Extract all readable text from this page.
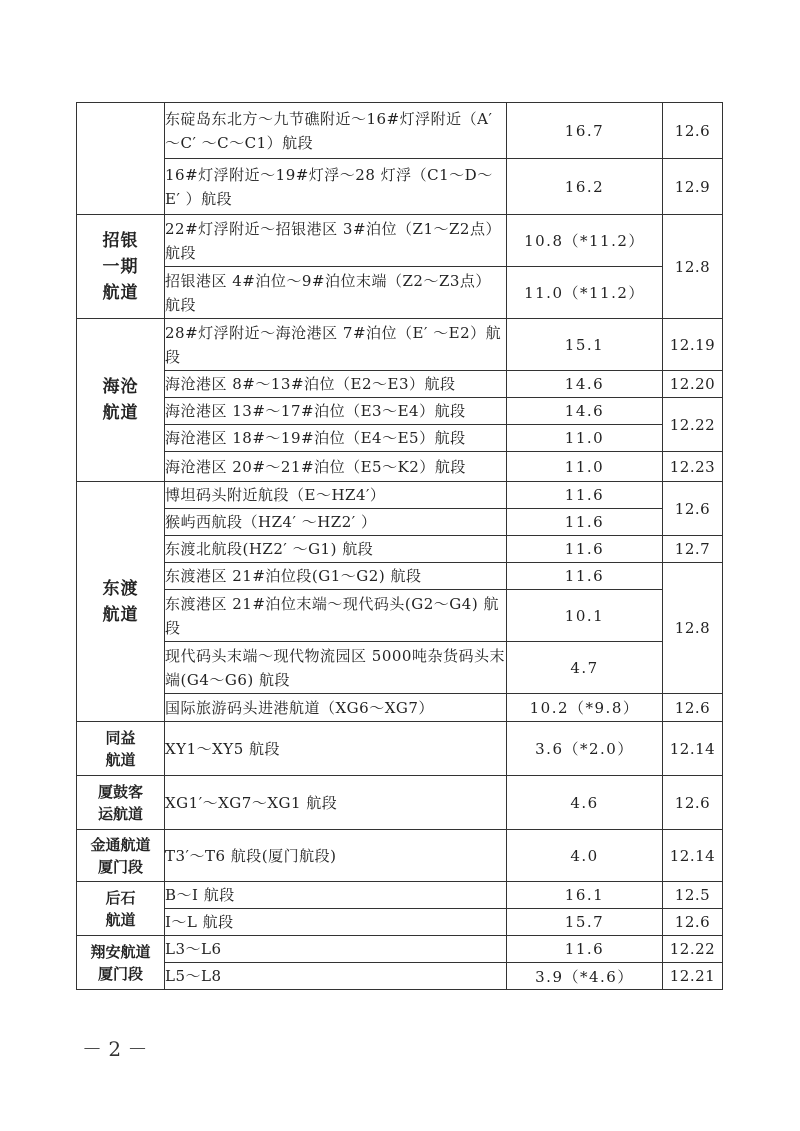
	东碇岛东北方～九节礁附近～16#灯浮附近（A′ ～C′ ～C～C1）航段	16.7	12.6
	16#灯浮附近～19#灯浮～28 灯浮（C1～D～E′ ）航段	16.2	12.9

招银一期航道	22#灯浮附近～招银港区 3#泊位（Z1～Z2点）航段	10.8（*11.2）	12.8
	招银港区 4#泊位～9#泊位末端（Z2～Z3点）航段	11.0（*11.2）	

海沧航道	28#灯浮附近～海沧港区 7#泊位（E′ ～E2）航段	15.1	12.19
	海沧港区 8#～13#泊位（E2～E3）航段	14.6	12.20
	海沧港区 13#～17#泊位（E3～E4）航段	14.6	12.22
	海沧港区 18#～19#泊位（E4～E5）航段	11.0	
	海沧港区 20#～21#泊位（E5～K2）航段	11.0	12.23

东渡航道	博坦码头附近航段（E～HZ4′）	11.6	12.6
	猴屿西航段（HZ4′ ～HZ2′ ）	11.6	
	东渡北航段(HZ2′ ～G1) 航段	11.6	12.7
	东渡港区 21#泊位段(G1～G2) 航段	11.6	12.8
	东渡港区 21#泊位末端～现代码头(G2～G4) 航段	10.1	
	现代码头末端～现代物流园区 5000吨杂货码头末端(G4～G6) 航段	4.7	
	国际旅游码头进港航道（XG6～XG7）	10.2（*9.8）	12.6

同益航道	XY1～XY5 航段	3.6（*2.0）	12.14

厦鼓客运航道	XG1′～XG7～XG1 航段	4.6	12.6

金通航道厦门段	T3′～T6 航段(厦门航段)	4.0	12.14

后石航道	B～I 航段	16.1	12.5
	I～L 航段	15.7	12.6

翔安航道厦门段	L3～L6	11.6	12.22
	L5～L8	3.9（*4.6）	12.21
－ 2 －
